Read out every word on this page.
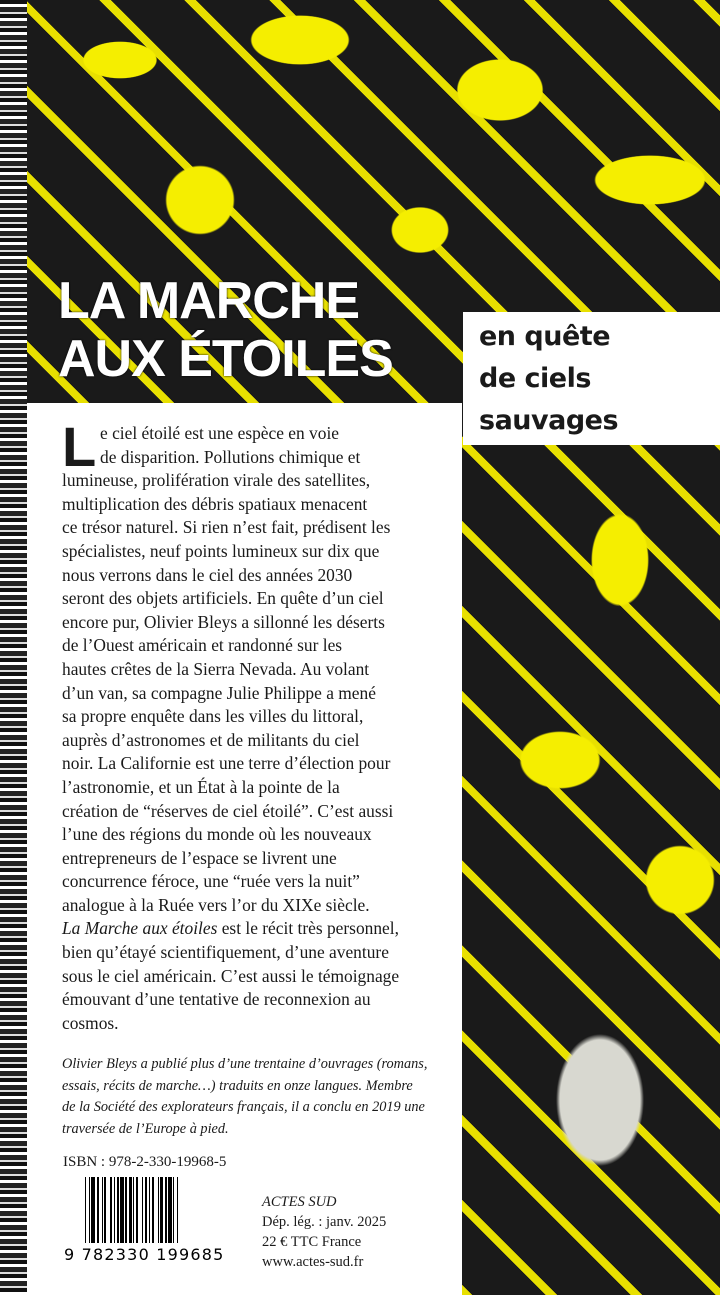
LA MARCHE
AUX ÉTOILES	en quête
de ciels
sauvages
L e ciel étoilé est une espèce en voie
de disparition. Pollutions chimique et
lumineuse, prolifération virale des satellites,
multiplication des débris spatiaux menacent
ce trésor naturel. Si rien n’est fait, prédisent les
spécialistes, neuf points lumineux sur dix que
nous verrons dans le ciel des années 2030
seront des objets artificiels. En quête d’un ciel
encore pur, Olivier Bleys a sillonné les déserts
de l’Ouest américain et randonné sur les
hautes crêtes de la Sierra Nevada. Au volant
d’un van, sa compagne Julie Philippe a mené
sa propre enquête dans les villes du littoral,
auprès d’astronomes et de militants du ciel
noir. La Californie est une terre d’élection pour
l’astronomie, et un État à la pointe de la
création de “réserves de ciel étoilé”. C’est aussi
l’une des régions du monde où les nouveaux
entrepreneurs de l’espace se livrent une
concurrence féroce, une “ruée vers la nuit”
analogue à la Ruée vers l’or du XIXe siècle.
La Marche aux étoiles est le récit très personnel,
bien qu’étayé scientifiquement, d’une aventure
sous le ciel américain. C’est aussi le témoignage
émouvant d’une tentative de reconnexion au
cosmos.
Olivier Bleys a publié plus d’une trentaine d’ouvrages (romans,
essais, récits de marche…) traduits en onze langues. Membre
de la Société des explorateurs français, il a conclu en 2019 une
traversée de l’Europe à pied.
ISBN : 978-2-330-19968-5
9 782330 199685
ACTES SUD
Dép. lég. : janv. 2025
22 € TTC France
www.actes-sud.fr
